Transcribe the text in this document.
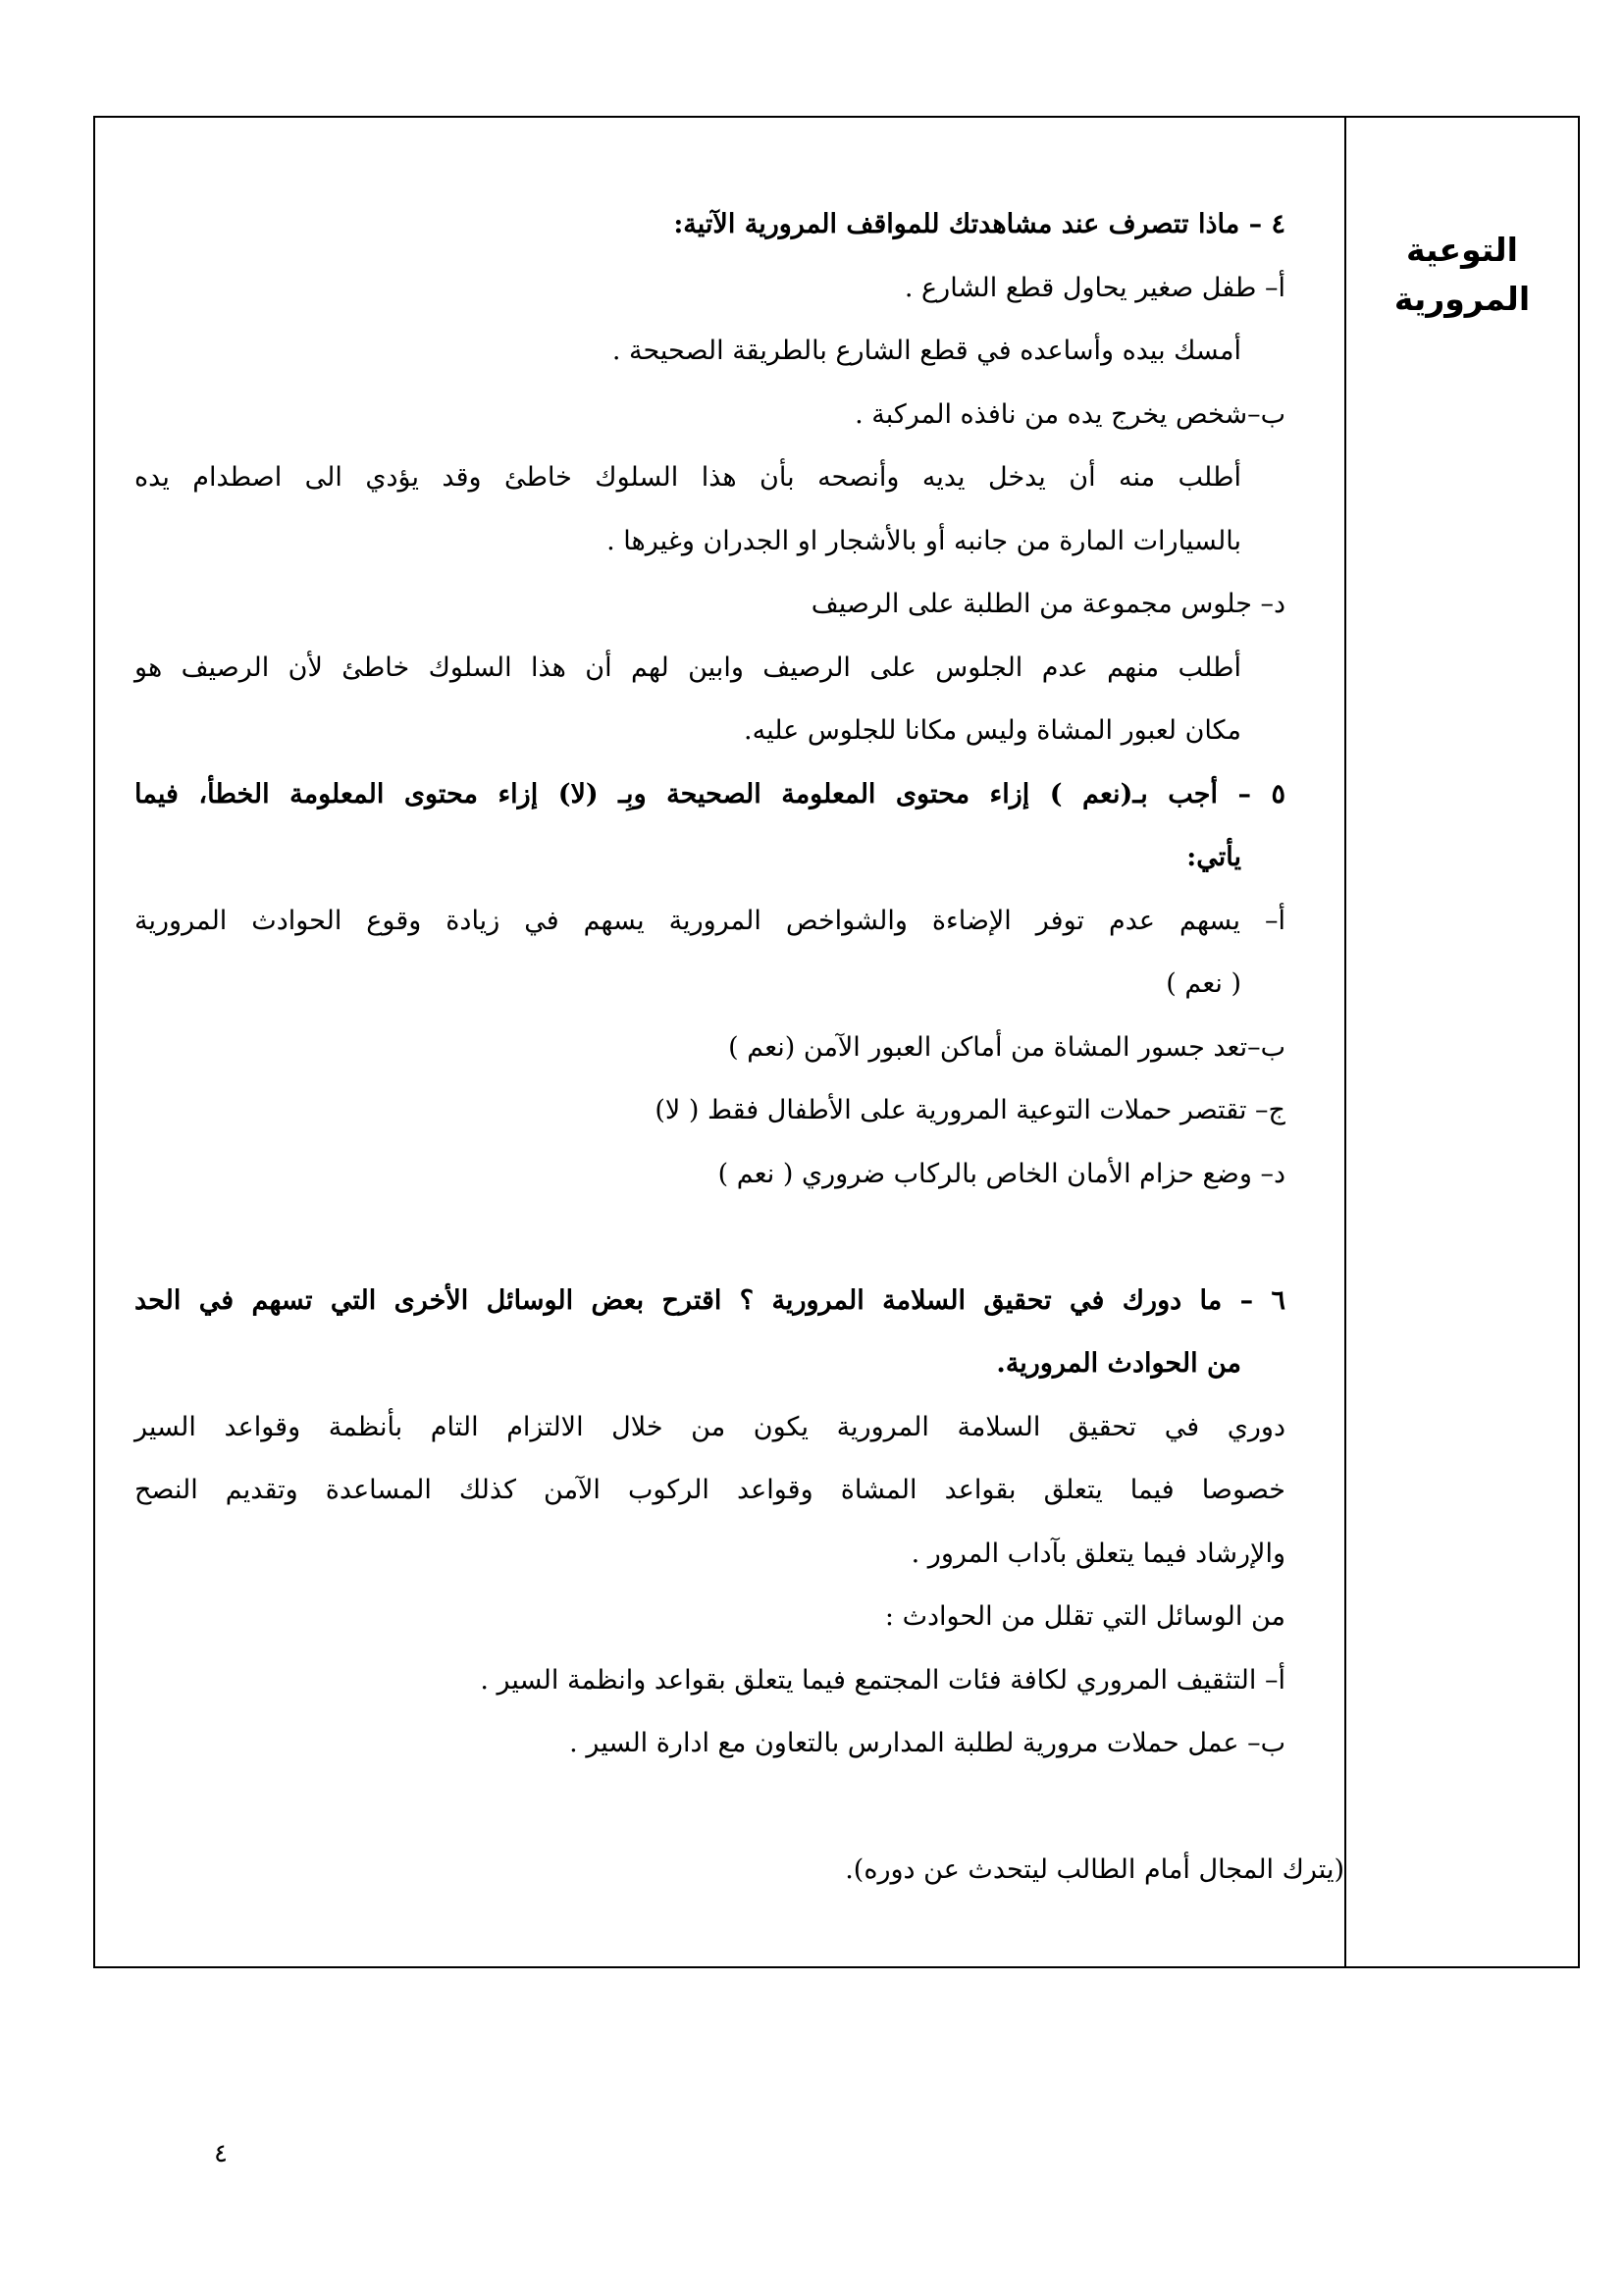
التوعية
المرورية
٤ – ماذا تتصرف عند مشاهدتك للمواقف المرورية الآتية:
أ– طفل صغير يحاول قطع الشارع .
أمسك بيده وأساعده في قطع الشارع بالطريقة الصحيحة .
ب–شخص يخرج يده من نافذه المركبة .
أطلب منه أن يدخل يديه وأنصحه بأن هذا السلوك خاطئ وقد يؤدي الى اصطدام يده
بالسيارات المارة من جانبه أو بالأشجار او الجدران وغيرها .
د– جلوس مجموعة من الطلبة على الرصيف
أطلب منهم عدم الجلوس على الرصيف وابين لهم أن هذا السلوك خاطئ لأن الرصيف هو
مكان لعبور المشاة وليس مكانا للجلوس عليه.
٥ – أجب بـ(نعم ) إزاء محتوى المعلومة الصحيحة وبِـ (لا) إزاء محتوى المعلومة الخطأ، فيما
يأتي:
أ– يسهم عدم توفر الإضاءة والشواخص المرورية يسهم في زيادة وقوع الحوادث المرورية
( نعم )
ب–تعد جسور المشاة من أماكن العبور الآمن (نعم )
ج– تقتصر حملات التوعية المرورية على الأطفال فقط ( لا)
د– وضع حزام الأمان الخاص بالركاب ضروري ( نعم )
٦ – ما دورك في تحقيق السلامة المرورية ؟ اقترح بعض الوسائل الأخرى التي تسهم في الحد
من الحوادث المرورية.
دوري في تحقيق السلامة المرورية يكون من خلال الالتزام التام بأنظمة وقواعد السير
خصوصا فيما يتعلق بقواعد المشاة وقواعد الركوب الآمن كذلك المساعدة وتقديم النصح
والإرشاد فيما يتعلق بآداب المرور .
من الوسائل التي تقلل من الحوادث :
أ– التثقيف المروري لكافة فئات المجتمع فيما يتعلق بقواعد وانظمة السير .
ب– عمل حملات مرورية لطلبة المدارس بالتعاون مع ادارة السير .
(يترك المجال أمام الطالب ليتحدث عن دوره).
٤
